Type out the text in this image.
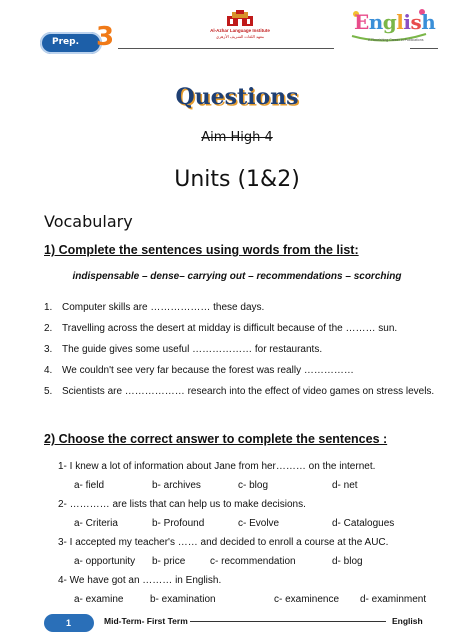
Prep. 3	Al-Azhar Language Institute
معهد اللغات الشريف الأزهري
English
A Flourishing Career in Publications
Questions
Aim High 4
Units (1&2)
Vocabulary
1) Complete the sentences using words from the list:
indispensable – dense– carrying out – recommendations – scorching
1. Computer skills are ……………… these days.
2. Travelling across the desert at midday is difficult because of the ……… sun.
3. The guide gives some useful ……………… for restaurants.
4. We couldn't see very far because the forest was really ……………
5. Scientists are ……………… research into the effect of video games on stress levels.
2) Choose the correct answer to complete the sentences :
1- I knew a lot of information about Jane from her……… on the internet.
a- field	b- archives	c- blog	d- net
2- ………… are lists that can help us to make decisions.
a- Criteria	b- Profound	c- Evolve	d- Catalogues
3- I accepted my teacher's …… and decided to enroll a course at the AUC.
a- opportunity	b- price	c- recommendation	d- blog
4- We have got an ……… in English.
a- examine	b- examination	c- examinence	d- examinment
1	Mid-Term- First Term	English
